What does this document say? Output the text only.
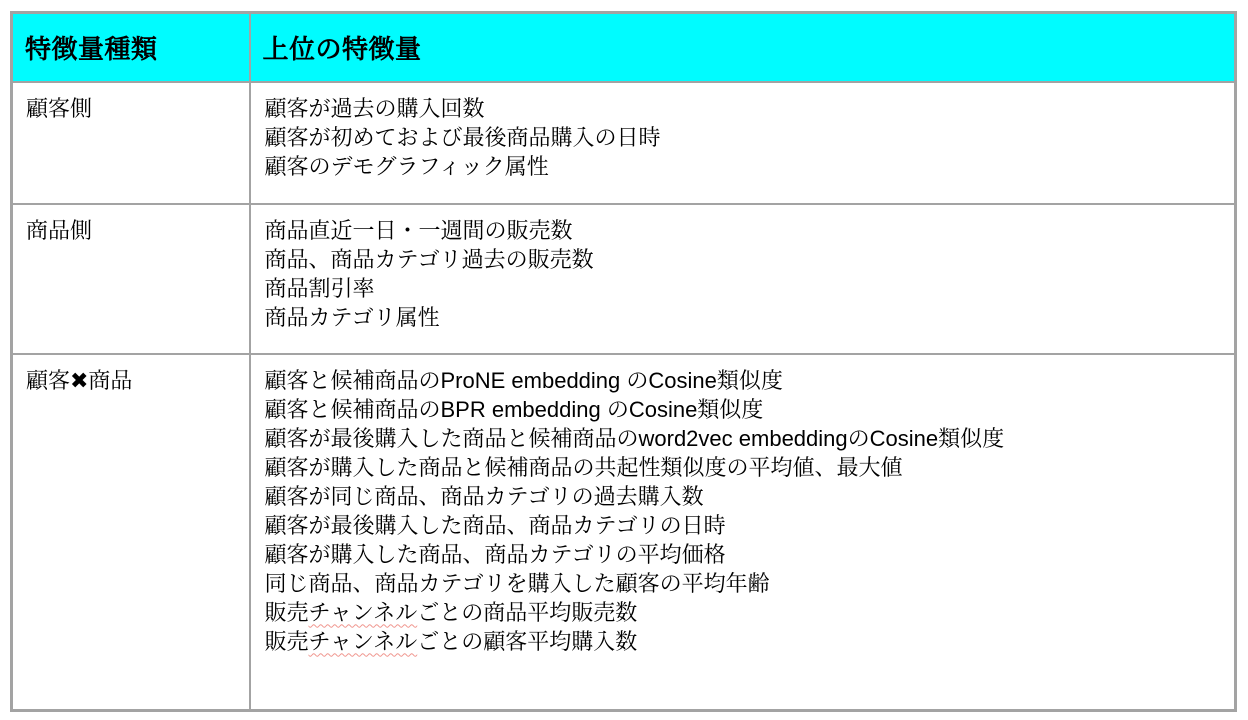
特徴量種類	上位の特徴量
顧客側	顧客が過去の購入回数
顧客が初めておよび最後商品購入の日時
顧客のデモグラフィック属性

商品側	商品直近一日・一週間の販売数
商品、商品カテゴリ過去の販売数
商品割引率
商品カテゴリ属性

顧客✖商品	顧客と候補商品のProNE embedding のCosine類似度
顧客と候補商品のBPR embedding のCosine類似度
顧客が最後購入した商品と候補商品のword2vec embeddingのCosine類似度
顧客が購入した商品と候補商品の共起性類似度の平均値、最大値
顧客が同じ商品、商品カテゴリの過去購入数
顧客が最後購入した商品、商品カテゴリの日時
顧客が購入した商品、商品カテゴリの平均価格
同じ商品、商品カテゴリを購入した顧客の平均年齢
販売チャンネルごとの商品平均販売数
販売チャンネルごとの顧客平均購入数
